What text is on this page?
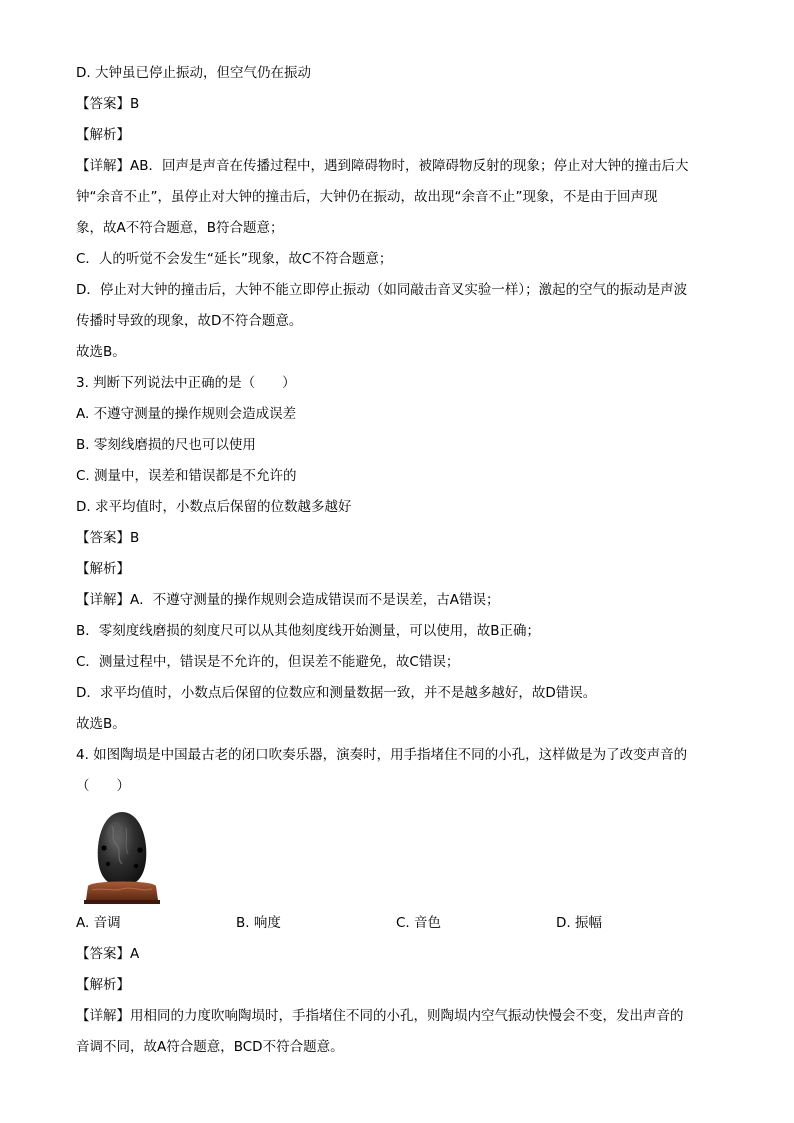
D. 大钟虽已停止振动，但空气仍在振动
【答案】B
【解析】
【详解】AB．回声是声音在传播过程中，遇到障碍物时，被障碍物反射的现象；停止对大钟的撞击后大
钟“余音不止”，虽停止对大钟的撞击后，大钟仍在振动，故出现“余音不止”现象，不是由于回声现
象，故A不符合题意，B符合题意；
C．人的听觉不会发生“延长”现象，故C不符合题意；
D．停止对大钟的撞击后，大钟不能立即停止振动（如同敲击音叉实验一样）；激起的空气的振动是声波
传播时导致的现象，故D不符合题意。
故选B。
3. 判断下列说法中正确的是（　　）
A. 不遵守测量的操作规则会造成误差
B. 零刻线磨损的尺也可以使用
C. 测量中，误差和错误都是不允许的
D. 求平均值时，小数点后保留的位数越多越好
【答案】B
【解析】
【详解】A．不遵守测量的操作规则会造成错误而不是误差，古A错误；
B．零刻度线磨损的刻度尺可以从其他刻度线开始测量，可以使用，故B正确；
C．测量过程中，错误是不允许的，但误差不能避免，故C错误；
D．求平均值时，小数点后保留的位数应和测量数据一致，并不是越多越好，故D错误。
故选B。
4. 如图陶埙是中国最古老的闭口吹奏乐器，演奏时，用手指堵住不同的小孔，这样做是为了改变声音的
（　　）
A. 音调	B. 响度	C. 音色	D. 振幅
【答案】A
【解析】
【详解】用相同的力度吹响陶埙时，手指堵住不同的小孔，则陶埙内空气振动快慢会不变，发出声音的
音调不同，故A符合题意，BCD不符合题意。
